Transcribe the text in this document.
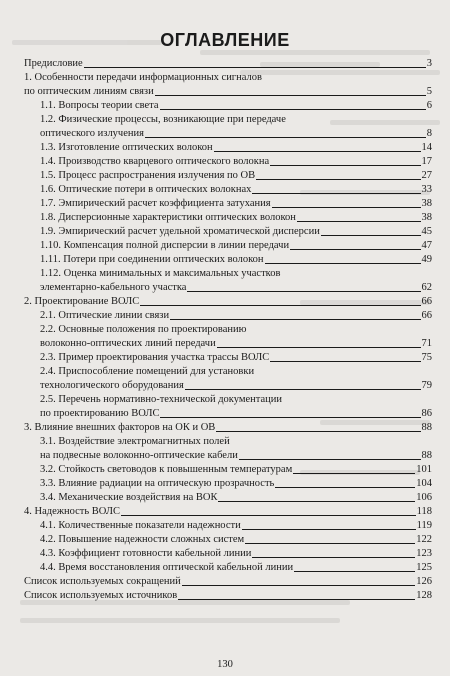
ОГЛАВЛЕНИЕ
Предисловие	3
1. Особенности передачи информационных сигналов
по оптическим линиям связи	5
1.1. Вопросы теории света	6
1.2. Физические процессы, возникающие при передаче
оптического излучения	8
1.3. Изготовление оптических волокон	14
1.4. Производство кварцевого оптического волокна	17
1.5. Процесс распространения излучения по ОВ	27
1.6. Оптические потери в оптических волокнах	33
1.7. Эмпирический расчет коэффициента затухания	38
1.8. Дисперсионные характеристики оптических волокон	38
1.9. Эмпирический расчет удельной хроматической дисперсии	45
1.10. Компенсация полной дисперсии в линии передачи	47
1.11. Потери при соединении оптических волокон	49
1.12. Оценка минимальных и максимальных участков
элементарно-кабельного участка	62
2. Проектирование ВОЛС	66
2.1. Оптические линии связи	66
2.2. Основные положения по проектированию
волоконно-оптических линий передачи	71
2.3. Пример проектирования участка трассы ВОЛС	75
2.4. Приспособление помещений для установки
технологического оборудования	79
2.5. Перечень нормативно-технической документации
по проектированию ВОЛС	86
3. Влияние внешних факторов на ОК и ОВ	88
3.1. Воздействие электромагнитных полей
на подвесные волоконно-оптические кабели	88
3.2. Стойкость световодов к повышенным температурам	101
3.3. Влияние радиации на оптическую прозрачность	104
3.4. Механические воздействия на ВОК	106
4. Надежность ВОЛС	118
4.1. Количественные показатели надежности	119
4.2. Повышение надежности сложных систем	122
4.3. Коэффициент готовности кабельной линии	123
4.4. Время восстановления оптической кабельной линии	125
Список используемых сокращений	126
Список используемых источников	128
130
